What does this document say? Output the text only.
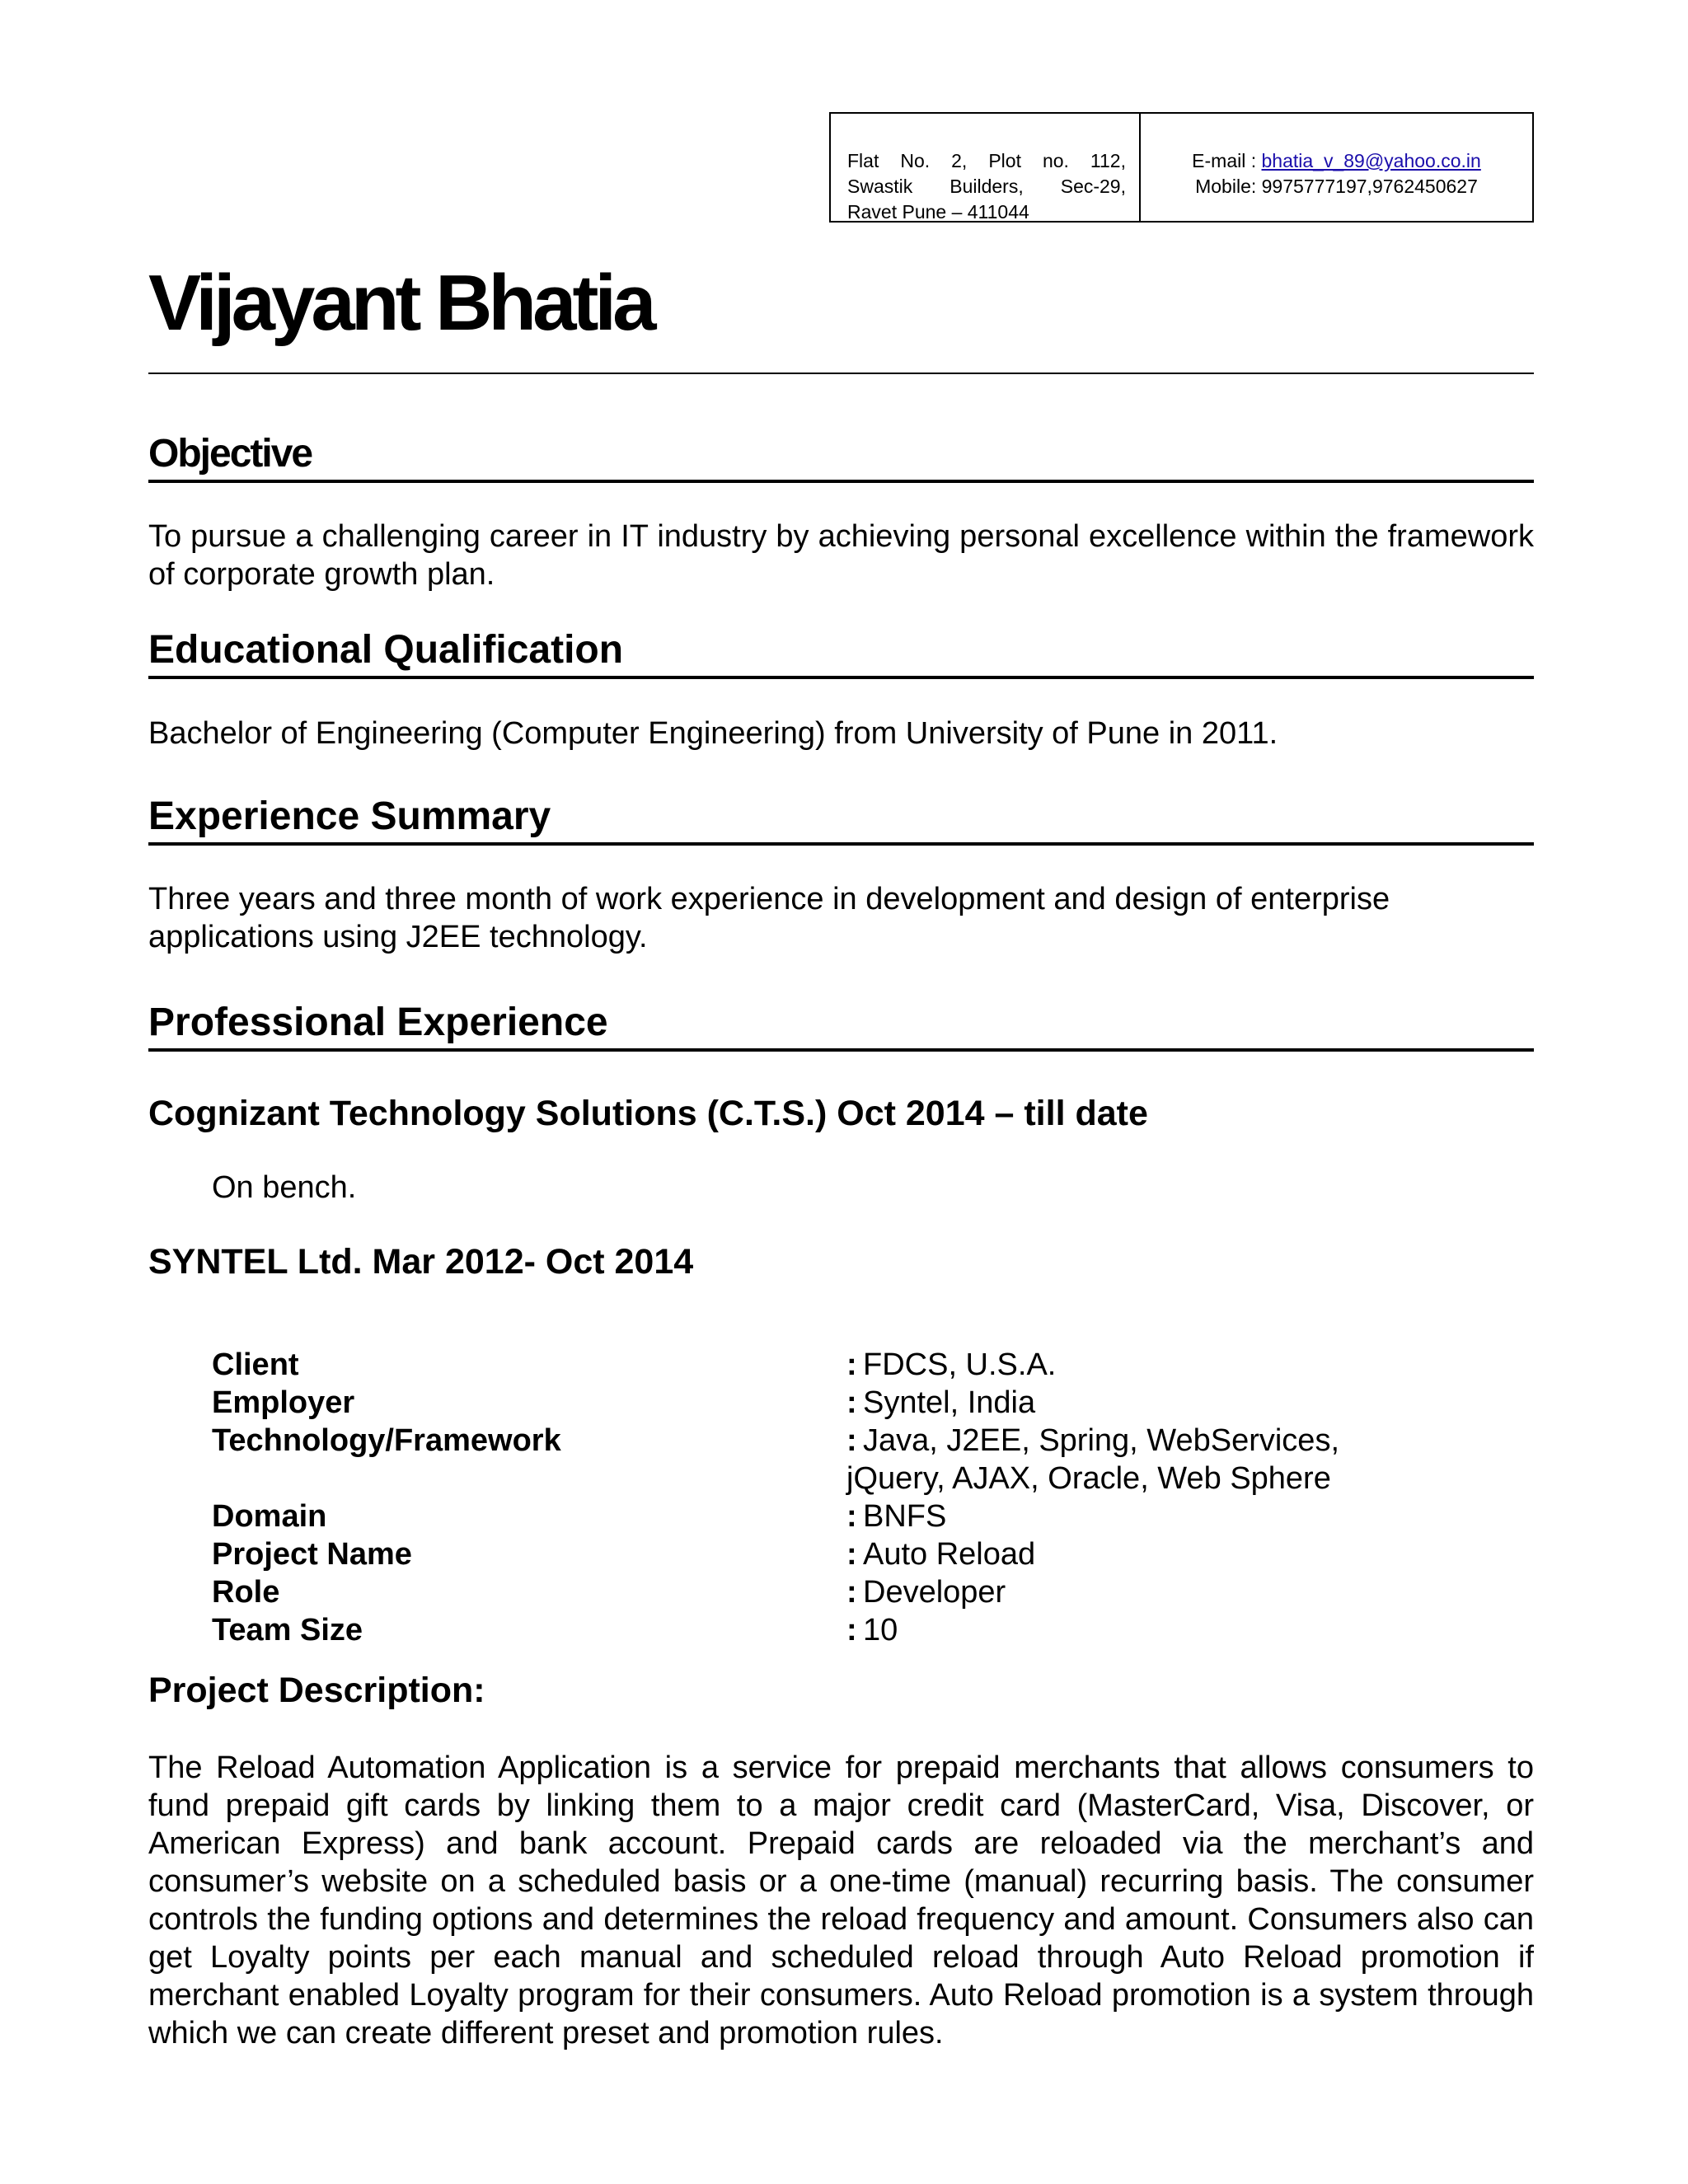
Flat No. 2, Plot no. 112,
Swastik Builders, Sec-29,
Ravet Pune – 411044
E-mail : bhatia_v_89@yahoo.co.in
Mobile: 9975777197,9762450627
Vijayant Bhatia
Objective

To pursue a challenging career in IT industry by achieving personal excellence within the framework of corporate growth plan.

Educational Qualification

Bachelor of Engineering (Computer Engineering) from University of Pune in 2011.

Experience Summary

Three years and three month of work experience in development and design of enterprise
applications using J2EE technology.

Professional Experience
Cognizant Technology Solutions (C.T.S.) Oct 2014 – till date

On bench.

SYNTEL Ltd. Mar 2012- Oct 2014
Client	: FDCS, U.S.A.
Employer	: Syntel, India
Technology/Framework	: Java, J2EE, Spring, WebServices,
jQuery, AJAX, Oracle, Web Sphere
Domain	: BNFS
Project Name	: Auto Reload
Role	: Developer
Team Size	: 10
Project Description:

The Reload Automation Application is a service for prepaid merchants that allows consumers to fund prepaid gift cards by linking them to a major credit card (MasterCard, Visa, Discover, or American Express) and bank account. Prepaid cards are reloaded via the merchant’s and consumer’s website on a scheduled basis or a one-time (manual) recurring basis. The consumer controls the funding options and determines the reload frequency and amount. Consumers also can get Loyalty points per each manual and scheduled reload through Auto Reload promotion if merchant enabled Loyalty program for their consumers. Auto Reload promotion is a system through which we can create different preset and promotion rules.
